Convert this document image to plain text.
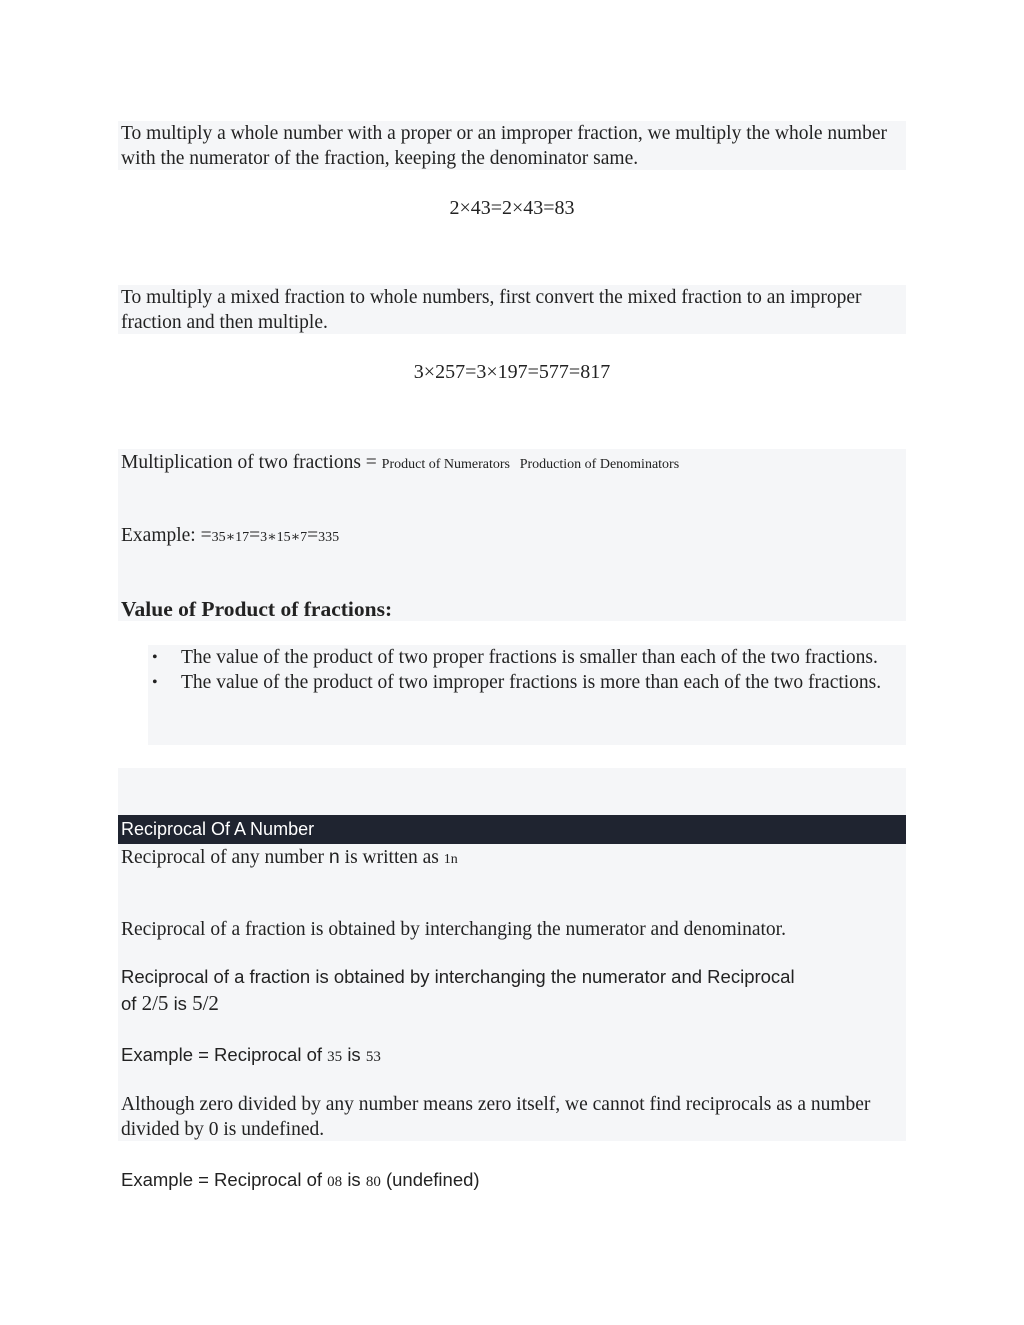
To multiply a whole number with a proper or an improper fraction, we multiply the whole number with the numerator of the fraction, keeping the denominator same.

2×43=2×43=83

To multiply a mixed fraction to whole numbers, first convert the mixed fraction to an improper fraction and then multiple.

3×257=3×197=577=817
Multiplication of two fractions = Product of Numerators Production of Denominators
Example: =35∗17=3∗15∗7=335
Value of Product of fractions:
• The value of the product of two proper fractions is smaller than each of the two fractions.
• The value of the product of two improper fractions is more than each of the two fractions.
Reciprocal Of A Number
Reciprocal of any number n is written as 1n

Reciprocal of a fraction is obtained by interchanging the numerator and denominator.

Reciprocal of a fraction is obtained by interchanging the numerator and Reciprocal
of 2/5 is 5/2
Example = Reciprocal of 35 is 53

Although zero divided by any number means zero itself, we cannot find reciprocals as a number divided by 0 is undefined.

Example = Reciprocal of 08 is 80 (undefined)
